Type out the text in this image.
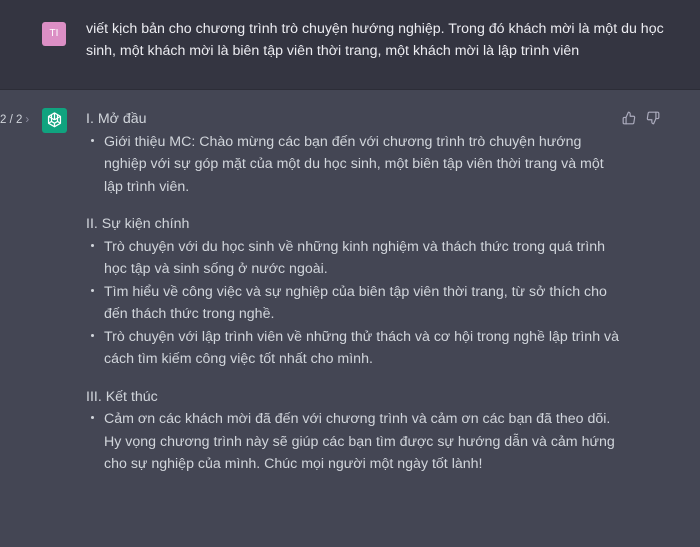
TI	viết kịch bản cho chương trình trò chuyện hướng nghiệp. Trong đó khách mời là một du học sinh, một khách mời là biên tập viên thời trang, một khách mời là lập trình viên
2 / 2 ›	I. Mở đầu

Giới thiệu MC: Chào mừng các bạn đến với chương trình trò chuyện hướng nghiệp với sự góp mặt của một du học sinh, một biên tập viên thời trang và một lập trình viên.

II. Sự kiện chính

Trò chuyện với du học sinh về những kinh nghiệm và thách thức trong quá trình học tập và sinh sống ở nước ngoài.
Tìm hiểu về công việc và sự nghiệp của biên tập viên thời trang, từ sở thích cho đến thách thức trong nghề.
Trò chuyện với lập trình viên về những thử thách và cơ hội trong nghề lập trình và cách tìm kiếm công việc tốt nhất cho mình.

III. Kết thúc

Cảm ơn các khách mời đã đến với chương trình và cảm ơn các bạn đã theo dõi. Hy vọng chương trình này sẽ giúp các bạn tìm được sự hướng dẫn và cảm hứng cho sự nghiệp của mình. Chúc mọi người một ngày tốt lành!
